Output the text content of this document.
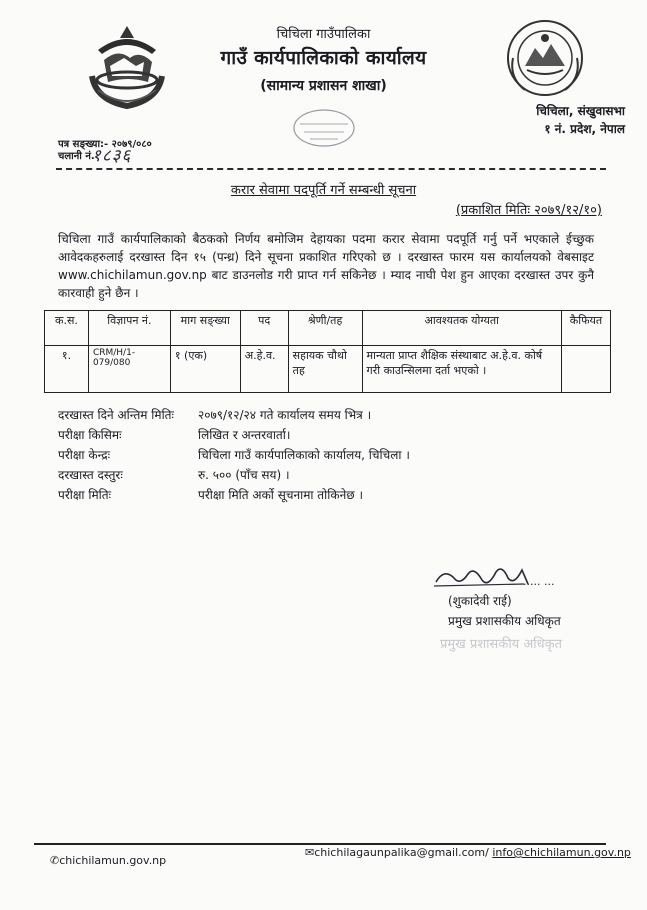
चिचिला गाउँपालिका
गाउँ कार्यपालिकाको कार्यालय
(सामान्य प्रशासन शाखा)
चिचिला, संखुवासभा
१ नं. प्रदेश, नेपाल
पत्र सङ्ख्या:- २०७९/०८०
चलानी नं.
१८३६
करार सेवामा पदपूर्ति गर्ने सम्बन्धी सूचना
(प्रकाशित मितिः २०७९/१२/१०)
चिचिला गाउँ कार्यपालिकाको बैठकको निर्णय बमोजिम देहायका पदमा करार सेवामा पदपूर्ति गर्नु पर्ने भएकाले ईच्छुक आवेदकहरुलाई दरखास्त दिन १५ (पन्ध्र) दिने सूचना प्रकाशित गरिएको छ । दरखास्त फारम यस कार्यालयको वेबसाइट www.chichilamun.gov.np बाट डाउनलोड गरी प्राप्त गर्न सकिनेछ । म्याद नाघी पेश हुन आएका दरखास्त उपर कुनै कारवाही हुने छैन ।
क.स.	विज्ञापन नं.	माग सङ्ख्या	पद	श्रेणी/तह	आवश्यतक योग्यता	कैफियत
१.	CRM/H/1-079/080	१ (एक)	अ.हे.व.	सहायक चौथो तह	मान्यता प्राप्त शैक्षिक संस्थाबाट अ.हे.व. कोर्ष गरी काउन्सिलमा दर्ता भएको ।	
दरखास्त दिने अन्तिम मितिः २०७९/१२/२४ गते कार्यालय समय भित्र ।
परीक्षा किसिमः	लिखित र अन्तरवार्ता।
परीक्षा केन्द्रः	चिचिला गाउँ कार्यपालिकाको कार्यालय, चिचिला ।
दरखास्त दस्तुरः	रु. ५०० (पाँच सय) ।
परीक्षा मितिः	परीक्षा मिति अर्को सूचनामा तोकिनेछ ।
..... ...
(शुकादेवी राई)
प्रमुख प्रशासकीय अधिकृत
प्रमुख प्रशासकीय अधिकृत
✆chichilamun.gov.np
✉chichilagaunpalika@gmail.com/ info@chichilamun.gov.np
